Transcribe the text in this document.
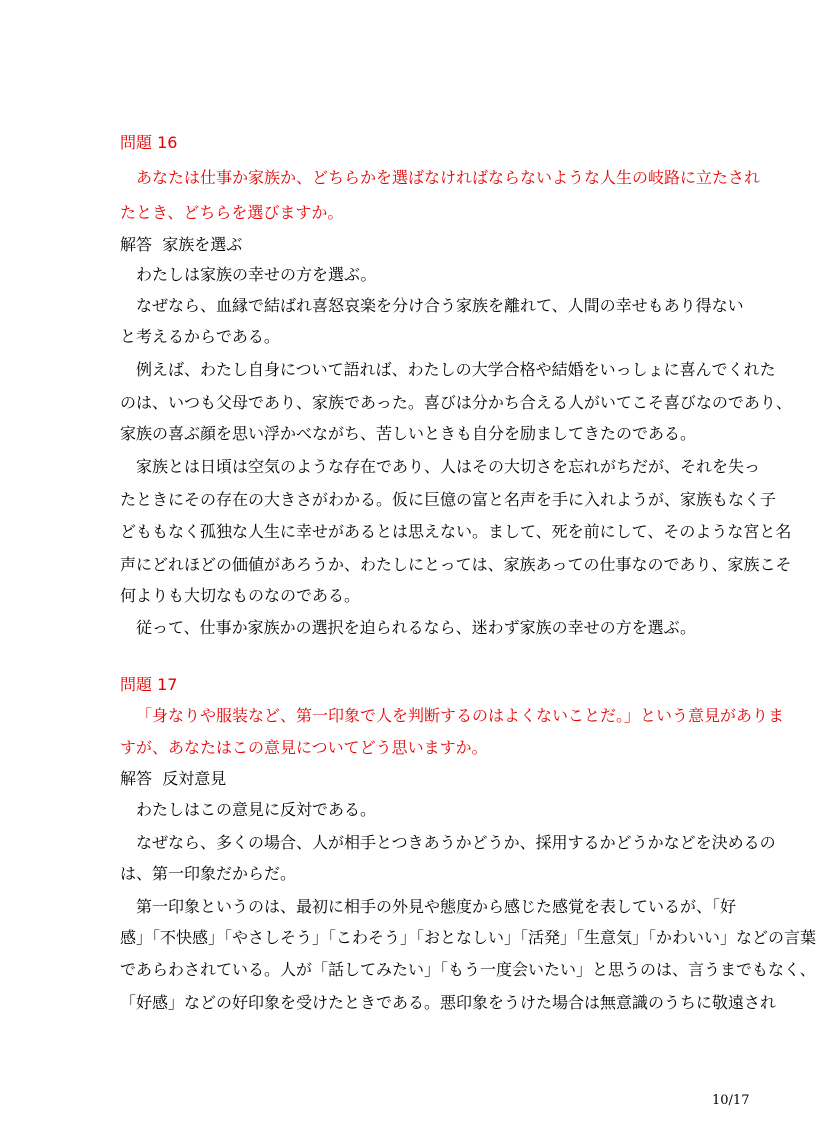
問題 16
あなたは仕事か家族か、どちらかを選ばなければならないような人生の岐路に立たされ
たとき、どちらを選びますか。
解答 家族を選ぶ
わたしは家族の幸せの方を選ぶ。
なぜなら、血縁で結ばれ喜怒哀楽を分け合う家族を離れて、人間の幸せもあり得ない
と考えるからである。
例えば、わたし自身について語れば、わたしの大学合格や結婚をいっしょに喜んでくれた
のは、いつも父母であり、家族であった。喜びは分かち合える人がいてこそ喜びなのであり、
家族の喜ぶ顔を思い浮かべながち、苦しいときも自分を励ましてきたのである。
家族とは日頃は空気のような存在であり、人はその大切さを忘れがちだが、それを失っ
たときにその存在の大きさがわかる。仮に巨億の富と名声を手に入れようが、家族もなく子
どももなく孤独な人生に幸せがあるとは思えない。まして、死を前にして、そのような宮と名
声にどれほどの価値があろうか、わたしにとっては、家族あっての仕事なのであり、家族こそ
何よりも大切なものなのである。
従って、仕事か家族かの選択を迫られるなら、迷わず家族の幸せの方を選ぶ。
問題 17
「身なりや服装など、第一印象で人を判断するのはよくないことだ。」という意見がありま
すが、あなたはこの意見についてどう思いますか。
解答 反対意見
わたしはこの意見に反対である。
なぜなら、多くの場合、人が相手とつきあうかどうか、採用するかどうかなどを決めるの
は、第一印象だからだ。
第一印象というのは、最初に相手の外見や態度から感じた感覚を表しているが、「好
感」「不快感」「やさしそう」「こわそう」「おとなしい」「活発」「生意気」「かわいい」などの言葉
であらわされている。人が「話してみたい」「もう一度会いたい」と思うのは、言うまでもなく、
「好感」などの好印象を受けたときである。悪印象をうけた場合は無意識のうちに敬遠され
10/17
